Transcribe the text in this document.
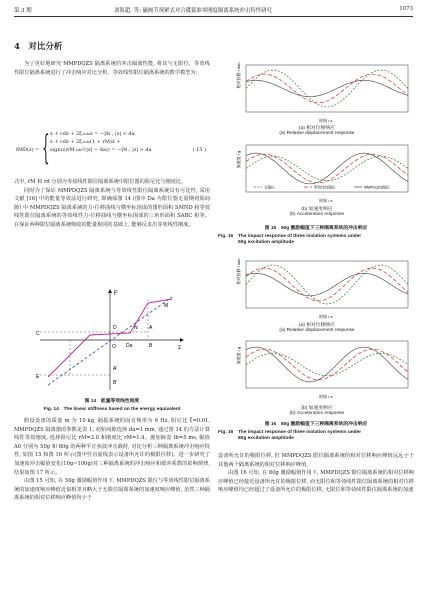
第 3 期	刘海超, 等: 磁阀节预紧式对合碟簧准零刚度隔离系统冲击特性研究	1073
4　对比分析

为了更好地研究 MMPDQZS 隔离系统的冲击隔离性能, 将其与无限位、等效线性限位隔离系统进行了冲击响应对比分析。等效线性限位隔离系统的数学模型为:

fMD(z) = { z + cdż + 2ξ₁ω₀z = −ÿb , |z| < da
z + cdż + 2ξ₁ω₀(1 + rM)ż +
sign(z)rM ω₀²(|z| − da)) = −ÿb , |z| > da	( 15 )

式中, rM 和 rd 分别为等效线性限位隔离系统中限位器的阻尼比与刚度比。

同时为了保证 MMPDQZS 隔离系统与等效线性限位隔离系统具有可比性, 采用文献 [16] 中的能量等效法进行研究, 即确保图 14 (图中 Da 为限位器无量纲初始间隙) 中 MMPDQZS 隔离系统的力-位移曲线与横坐标围成的图形面积 SMND 和等效线性限位隔离系统的等效线性力-位移曲线与横坐标围成的三角形面积 SABC 相等。在保证两种限位隔离系统吸收的能量相同的基础上, 能够反求出等效线性刚度。

F
z
O
A
B
C
D
E
A'
B'
M
N
Da
图 14　能量等效线性刚度
Fig. 14　The linear stiffness based on the energy equivalent

假设设备的质量 m 为 10 kg, 隔振系统的固有频率为 6 Hz, 阻尼比 ξ=0.01, MMPDQZS 隔离器的参数见表 1, 初始间隙选择 da=1 mm, 通过图 14 的方法计算线性等效刚度, 选择阻尼比 rM=3.0 和刚度比 rM=1.4。施加脉宽 tb=5 ms, 幅值 A0 分别为 50g 和 80g 的两种半正弦波冲击载荷, 对比分析三种隔离系统冲击响应特性, 如图 15 和图 16 所示(图中竖直虚线表示设备所允许的极限位移)。进一步研究了加速度冲击幅值变化(10g~100g)对三种隔离系统的冲击响应和缓冲系数的影响规律, 结果如图 17 所示。

由图 15 可知, 在 50g 激励幅值作用下, MMPDQZS 限位与等效线性限位隔离系统的加速度响应峰值近似相等且略大于无限位隔离系统的加速度响应峰值, 虽然三种隔离系统的相对位移响应峰值均小于

相对位移 / mm
时间 / s
(a) 相对位移响应
(a) Relative displacement response
加速度 / g
时间 / s
无限位	等效线性限位	MMPDQZS限位
(b) 加速度响应
(b) Acceleration response
图 15　50g 激励幅值下三种隔离系统的冲击响应
Fig. 15　The impact response of three isolation systems under
50g excitation amplitude
相对位移 / mm
时间 / s
(a) 相对位移响应
(a) Relative displacement response
加速度 / g
时间 / s
(b) 加速度响应
(b) Acceleration response
图 16　80g 激励幅值下三种隔离系统的冲击响应
Fig. 16　The impact response of three isolation systems under
80g excitation amplitude

设备所允许的极限位移, 但 MMPDQZS 限位隔离系统的相对位移响应峰值远远小于其他两个隔离系统的相对位移响应峰值。

由图 16 可知, 在 80g 激励幅值作用下, MMPDQZS 限位隔离系统的相对位移响应峰值已经接近设备所允许的极限位移, 而无限位和等效线性限位隔离系统的相对位移响应峰值均已经超过了设备所允许的极限位移, 无限位和等效线性限位隔离系统的加速
